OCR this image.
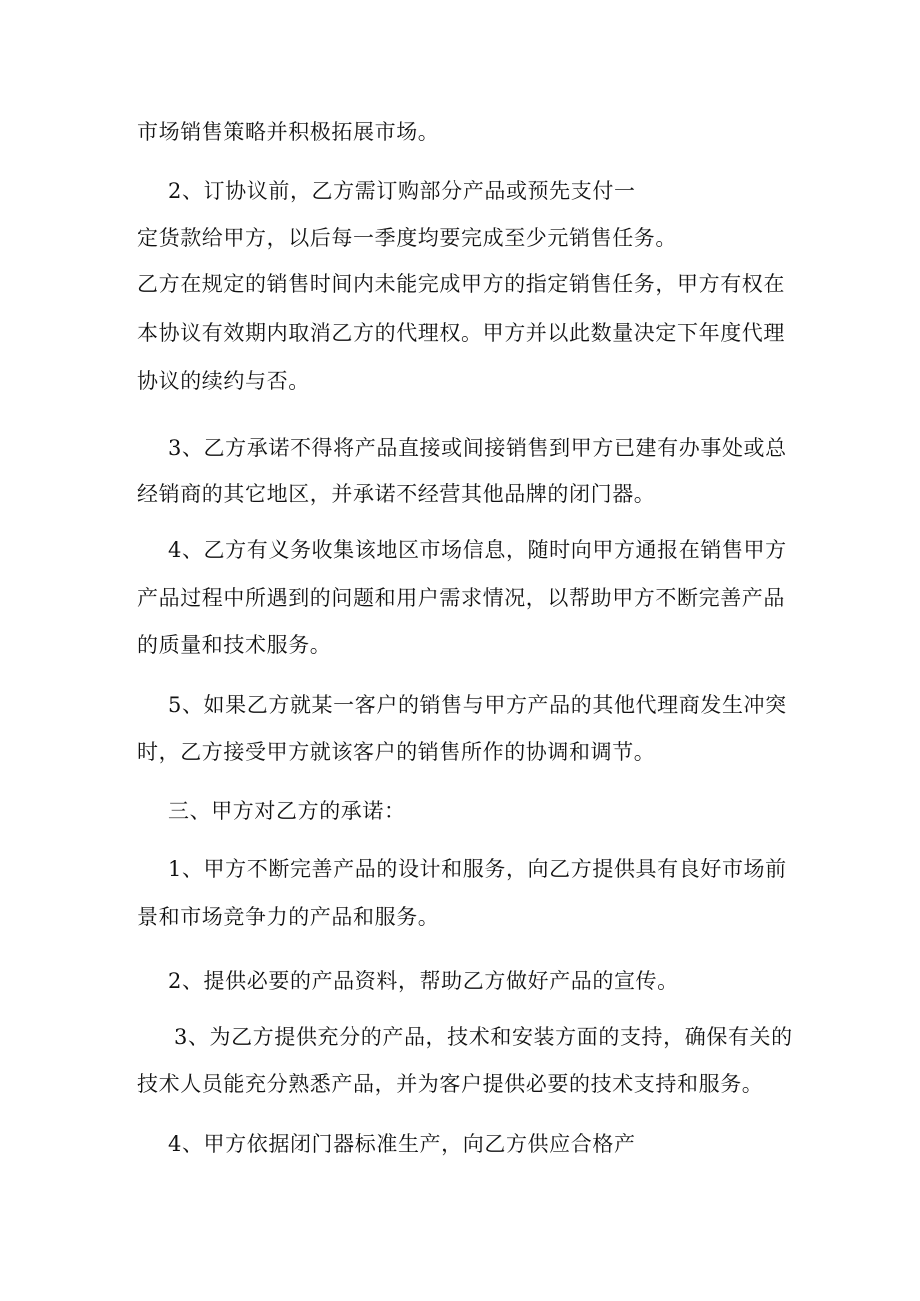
市场销售策略并积极拓展市场。
2、订协议前，乙方需订购部分产品或预先支付一
定货款给甲方，以后每一季度均要完成至少元销售任务。
乙方在规定的销售时间内未能完成甲方的指定销售任务，甲方有权在
本协议有效期内取消乙方的代理权。甲方并以此数量决定下年度代理
协议的续约与否。
3、乙方承诺不得将产品直接或间接销售到甲方已建有办事处或总
经销商的其它地区，并承诺不经营其他品牌的闭门器。
4、乙方有义务收集该地区市场信息，随时向甲方通报在销售甲方
产品过程中所遇到的问题和用户需求情况，以帮助甲方不断完善产品
的质量和技术服务。
5、如果乙方就某一客户的销售与甲方产品的其他代理商发生冲突
时，乙方接受甲方就该客户的销售所作的协调和调节。
三、甲方对乙方的承诺：
1、甲方不断完善产品的设计和服务，向乙方提供具有良好市场前
景和市场竞争力的产品和服务。
2、提供必要的产品资料，帮助乙方做好产品的宣传。
3、为乙方提供充分的产品，技术和安装方面的支持，确保有关的
技术人员能充分熟悉产品，并为客户提供必要的技术支持和服务。
4、甲方依据闭门器标准生产，向乙方供应合格产
